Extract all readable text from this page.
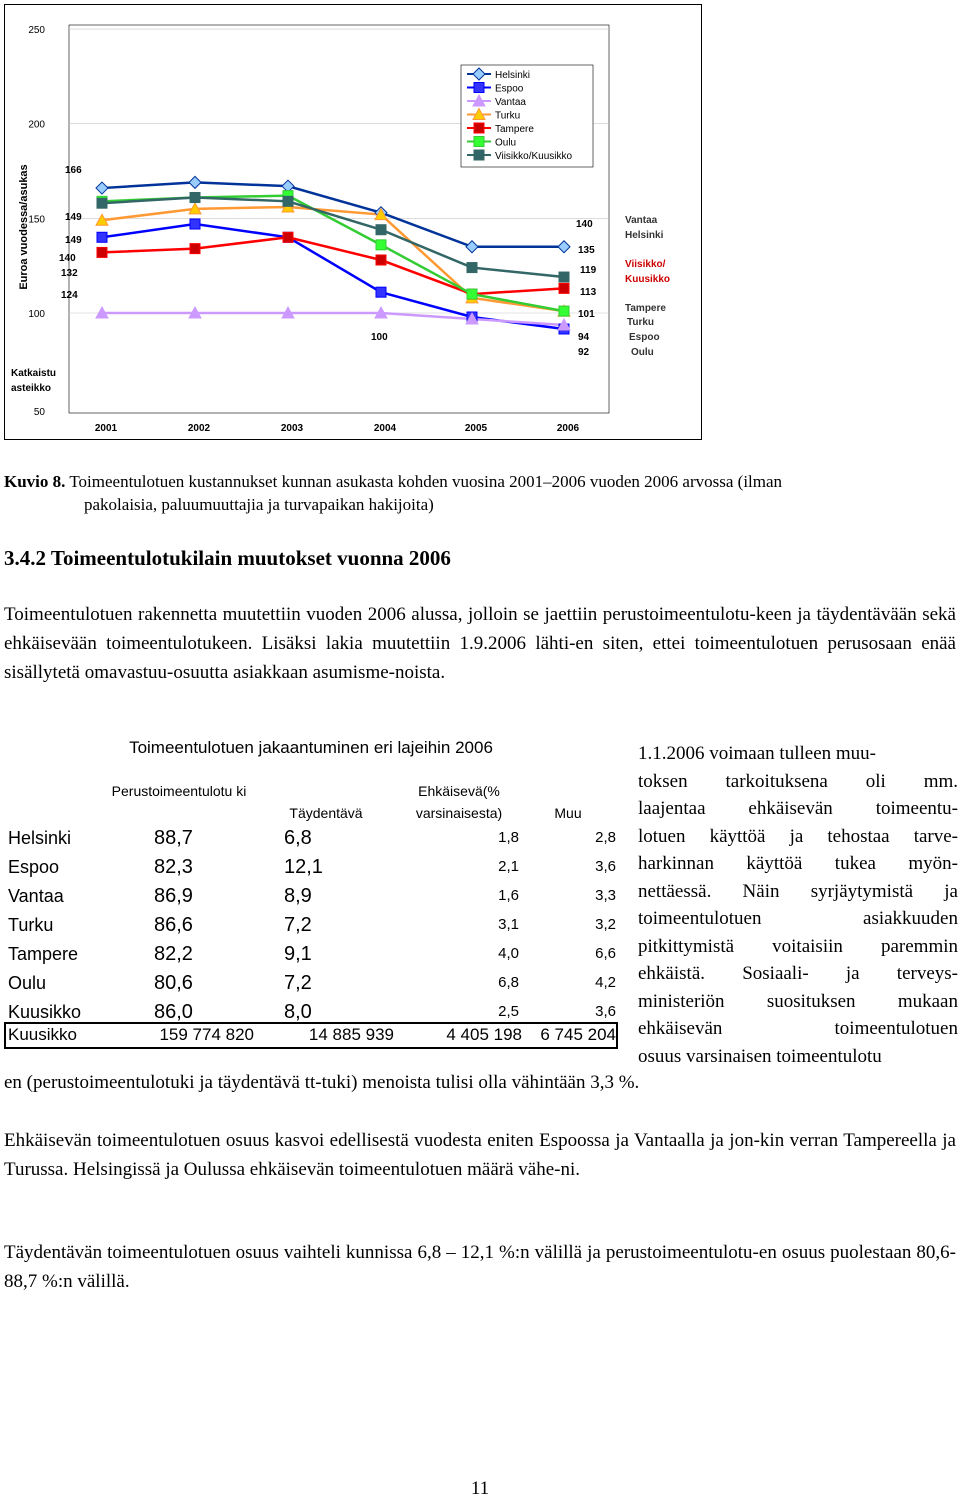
250
200
150
100
50
Euroa vuodessa/asukas
Katkaistu
asteikko
2001	2002	2003	2004	2005	2006
Helsinki
Espoo
Vantaa
Turku
Tampere
Oulu
Viisikko/Kuusikko
166
149
149
140
132
124
100
140
135
119
113
101
94
92
Vantaa
Helsinki
Viisikko/
Kuusikko
Tampere
Turku
Espoo
Oulu
Kuvio 8. Toimeentulotuen kustannukset kunnan asukasta kohden vuosina 2001–2006 vuoden 2006 arvossa (ilman
pakolaisia, paluumuuttajia ja turvapaikan hakijoita)
3.4.2 Toimeentulotukilain muutokset vuonna 2006

Toimeentulotuen rakennetta muutettiin vuoden 2006 alussa, jolloin se jaettiin perustoimeentulotu-keen ja täydentävään sekä ehkäisevään toimeentulotukeen. Lisäksi lakia muutettiin 1.9.2006 lähti-en siten, ettei toimeentulotuen perusosaan enää sisällytetä omavastuu-osuutta asiakkaan asumisme-noista.

Toimeentulotuen jakaantuminen eri lajeihin 2006
Perustoimeentulotu ki
Täydentävä
Ehkäisevä(% varsinaisesta)	Muu
Helsinki	88,7	6,8	1,8	2,8
Espoo	82,3	12,1	2,1	3,6
Vantaa	86,9	8,9	1,6	3,3
Turku	86,6	7,2	3,1	3,2
Tampere	82,2	9,1	4,0	6,6
Oulu	80,6	7,2	6,8	4,2
Kuusikko	86,0	8,0	2,5	3,6
Kuusikko	159 774 820	14 885 939	4 405 198	6 745 204

1.1.2006 voimaan tulleen muu-

toksen tarkoituksena oli mm.

laajentaa ehkäisevän toimeentu-

lotuen käyttöä ja tehostaa tarve-

harkinnan käyttöä tukea myön-

nettäessä. Näin syrjäytymistä ja

toimeentulotuen asiakkuuden

pitkittymistä voitaisiin paremmin

ehkäistä. Sosiaali- ja terveys-

ministeriön suosituksen mukaan

ehkäisevän toimeentulotuen

osuus varsinaisen toimeentulotu

en (perustoimeentulotuki ja täydentävä tt-tuki) menoista tulisi olla vähintään 3,3 %.

Ehkäisevän toimeentulotuen osuus kasvoi edellisestä vuodesta eniten Espoossa ja Vantaalla ja jon-kin verran Tampereella ja Turussa. Helsingissä ja Oulussa ehkäisevän toimeentulotuen määrä vähe-ni.

Täydentävän toimeentulotuen osuus vaihteli kunnissa 6,8 – 12,1 %:n välillä ja perustoimeentulotu-en osuus puolestaan 80,6- 88,7 %:n välillä.

11
